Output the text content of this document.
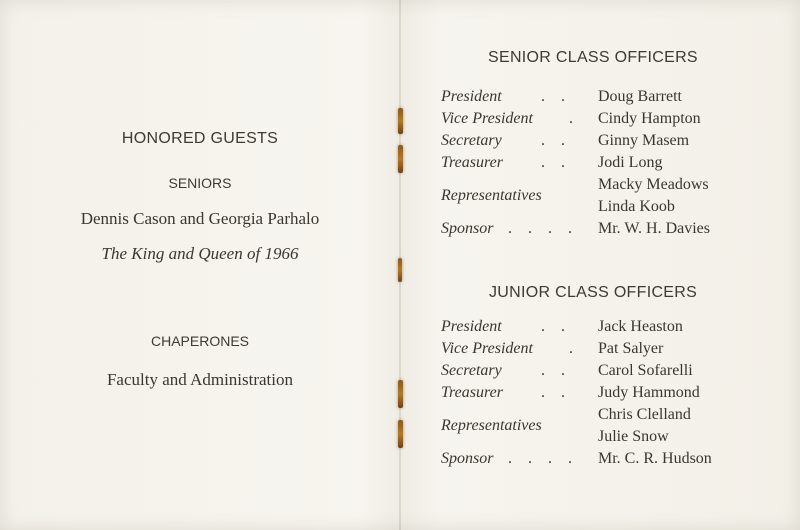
HONORED GUESTS
SENIORS
Dennis Cason and Georgia Parhalo
The King and Queen of 1966
CHAPERONES
Faculty and Administration
SENIOR CLASS OFFICERS
President . . Doug Barrett
Vice President . Cindy Hampton
Secretary . . Ginny Masem
Treasurer . . Jodi Long
Representatives
Macky Meadows
Linda Koob
Sponsor . . . . Mr. W. H. Davies
JUNIOR CLASS OFFICERS
President . . Jack Heaston
Vice President . Pat Salyer
Secretary . . Carol Sofarelli
Treasurer . . Judy Hammond
Representatives
Chris Clelland
Julie Snow
Sponsor . . . . Mr. C. R. Hudson
